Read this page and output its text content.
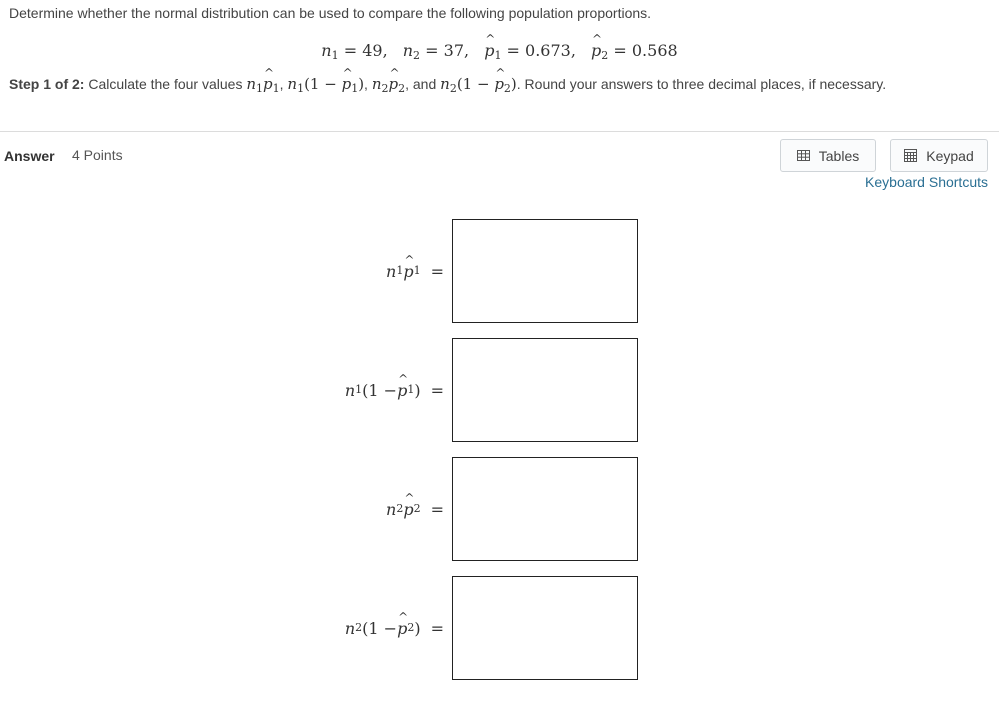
Determine whether the normal distribution can be used to compare the following population proportions.
$n_1 = 49$, $n_2 = 37$, p $\^{}_1 = 0.673$, p $\^{}_2 = 0.568$
Step 1 of 2: Calculate the four values $n_1p$ $\^{}_1$, $n_1(1 - p$ $\^{}_1$), $n_2p$ $\^{}_2$, and $n_2(1 - p$ $\^{}_2$). Round your answers to three decimal places, if necessary.
Answer 4 Points	Tables	Keypad
Keyboard Shortcuts
n 1 p ^ 1 =
n 1 (1 − p ^ 1 ) =
n 2 p ^ 2 =
n 2 (1 − p ^ 2 ) =
